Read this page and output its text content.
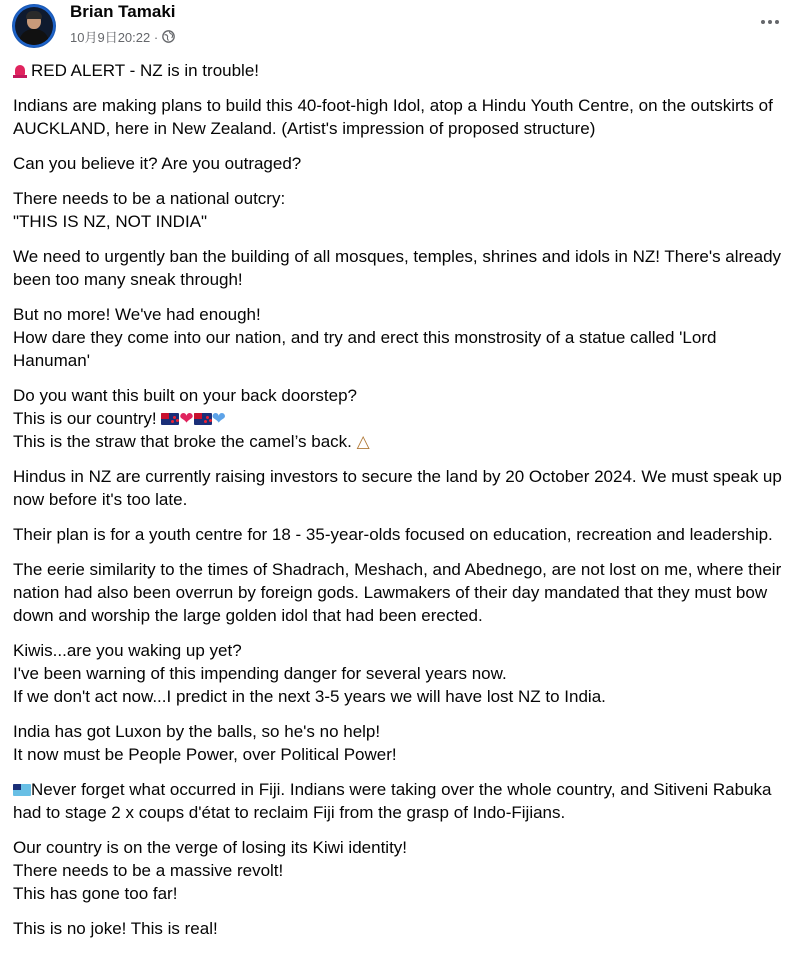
Brian Tamaki
10月9日20:22 ·

RED ALERT - NZ is in trouble!

Indians are making plans to build this 40-foot-high Idol, atop a Hindu Youth Centre, on the outskirts of AUCKLAND, here in New Zealand. (Artist's impression of proposed structure)

Can you believe it? Are you outraged?

There needs to be a national outcry:
"THIS IS NZ, NOT INDIA"

We need to urgently ban the building of all mosques, temples, shrines and idols in NZ! There's already been too many sneak through!

But no more! We've had enough!
How dare they come into our nation, and try and erect this monstrosity of a statue called 'Lord Hanuman'

Do you want this built on your back doorstep?
This is our country! ❤ ❤
This is the straw that broke the camel’s back. △

Hindus in NZ are currently raising investors to secure the land by 20 October 2024. We must speak up now before it's too late.

Their plan is for a youth centre for 18 - 35-year-olds focused on education, recreation and leadership.

The eerie similarity to the times of Shadrach, Meshach, and Abednego, are not lost on me, where their nation had also been overrun by foreign gods. Lawmakers of their day mandated that they must bow down and worship the large golden idol that had been erected.

Kiwis...are you waking up yet?
I've been warning of this impending danger for several years now.
If we don't act now...I predict in the next 3-5 years we will have lost NZ to India.

India has got Luxon by the balls, so he's no help!
It now must be People Power, over Political Power!

Never forget what occurred in Fiji. Indians were taking over the whole country, and Sitiveni Rabuka had to stage 2 x coups d'état to reclaim Fiji from the grasp of Indo-Fijians.

Our country is on the verge of losing its Kiwi identity!
There needs to be a massive revolt!
This has gone too far!

This is no joke! This is real!
